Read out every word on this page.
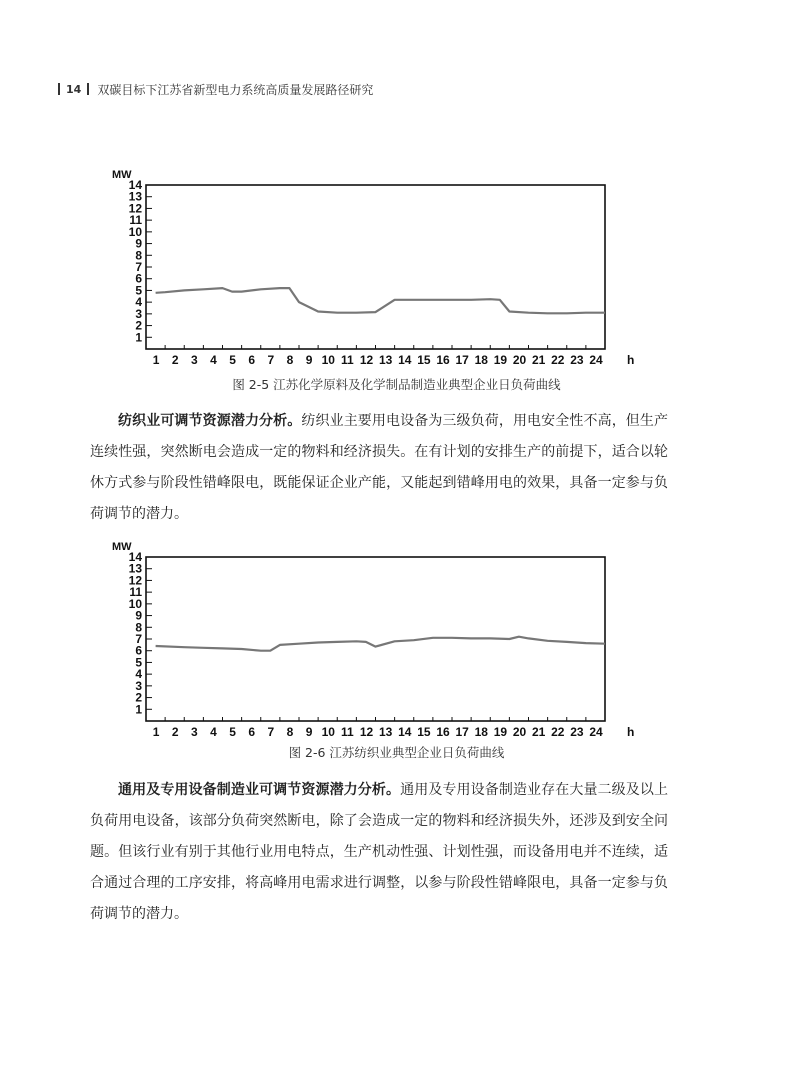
14 双碳目标下江苏省新型电力系统高质量发展路径研究
MW
1
2
3
4
5
6
7
8
9
10
11
12
13
14
1 2 3 4 5 6 7 8 9 10 11 12 13 14 15 16 17 18 19 20 21 22 23 24 h
图 2-5 江苏化学原料及化学制品制造业典型企业日负荷曲线

纺织业可调节资源潜力分析。纺织业主要用电设备为三级负荷，用电安全性不高，但生产连续性强，突然断电会造成一定的物料和经济损失。在有计划的安排生产的前提下，适合以轮休方式参与阶段性错峰限电，既能保证企业产能，又能起到错峰用电的效果，具备一定参与负荷调节的潜力。

MW
1
2
3
4
5
6
7
8
9
10
11
12
13
14
1 2 3 4 5 6 7 8 9 10 11 12 13 14 15 16 17 18 19 20 21 22 23 24 h
图 2-6 江苏纺织业典型企业日负荷曲线

通用及专用设备制造业可调节资源潜力分析。通用及专用设备制造业存在大量二级及以上负荷用电设备，该部分负荷突然断电，除了会造成一定的物料和经济损失外，还涉及到安全问题。但该行业有别于其他行业用电特点，生产机动性强、计划性强，而设备用电并不连续，适合通过合理的工序安排，将高峰用电需求进行调整，以参与阶段性错峰限电，具备一定参与负荷调节的潜力。
